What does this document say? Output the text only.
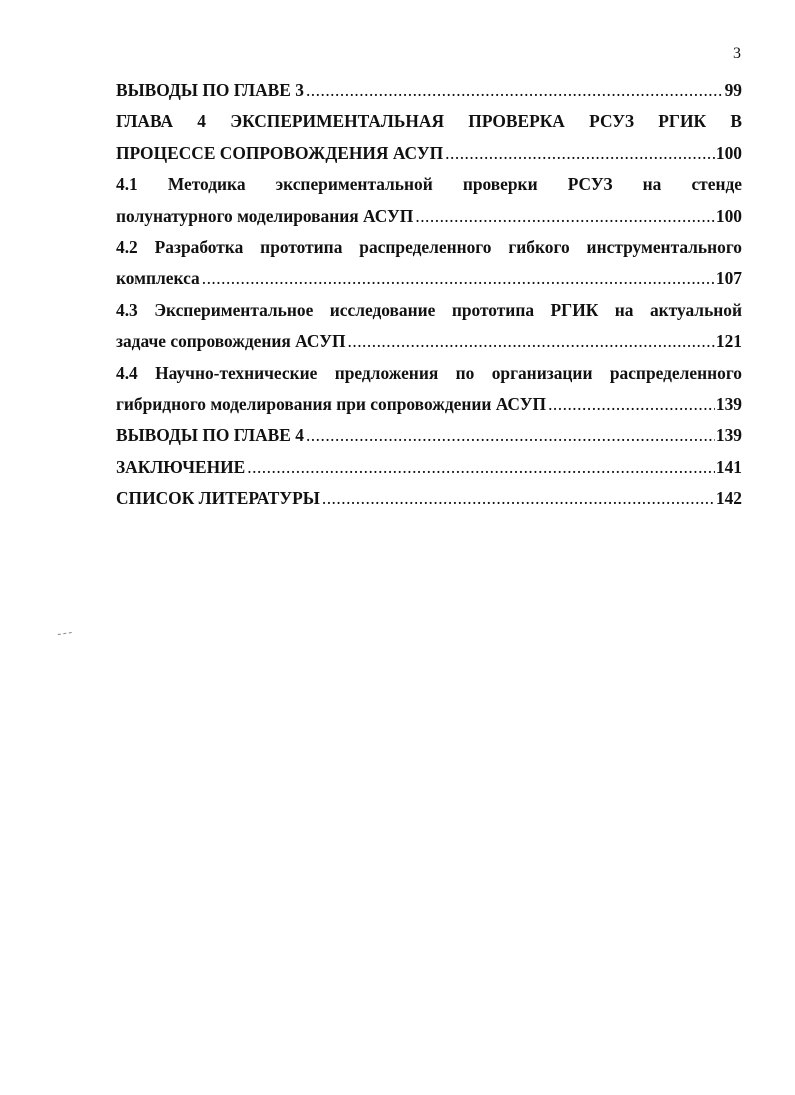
3
ВЫВОДЫ ПО ГЛАВЕ 3 .....	99
ГЛАВА 4 ЭКСПЕРИМЕНТАЛЬНАЯ ПРОВЕРКА РСУЗ РГИК В
ПРОЦЕССЕ СОПРОВОЖДЕНИЯ АСУП .....	100
4.1 Методика экспериментальной проверки РСУЗ на стенде
полунатурного моделирования АСУП .....	100
4.2 Разработка прототипа распределенного гибкого инструментального
комплекса .....	107
4.3 Экспериментальное исследование прототипа РГИК на актуальной
задаче сопровождения АСУП .....	121
4.4 Научно-технические предложения по организации распределенного
гибридного моделирования при сопровождении АСУП .....	139
ВЫВОДЫ ПО ГЛАВЕ 4 .....	139
ЗАКЛЮЧЕНИЕ .....	141
СПИСОК ЛИТЕРАТУРЫ .....	142
